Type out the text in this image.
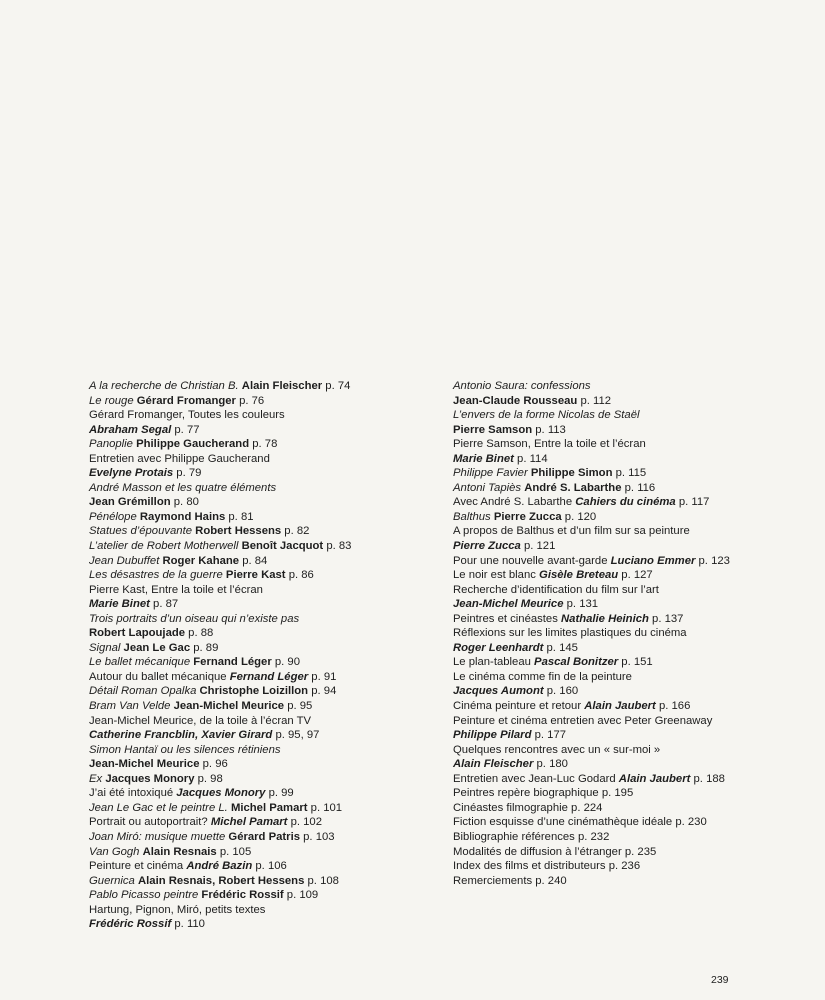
A la recherche de Christian B. Alain Fleischer p. 74
Le rouge Gérard Fromanger p. 76
Gérard Fromanger, Toutes les couleurs
Abraham Segal p. 77
Panoplie Philippe Gaucherand p. 78
Entretien avec Philippe Gaucherand
Evelyne Protais p. 79
André Masson et les quatre éléments
Jean Grémillon p. 80
Pénélope Raymond Hains p. 81
Statues d’épouvante Robert Hessens p. 82
L’atelier de Robert Motherwell Benoît Jacquot p. 83
Jean Dubuffet Roger Kahane p. 84
Les désastres de la guerre Pierre Kast p. 86
Pierre Kast, Entre la toile et l’écran
Marie Binet p. 87
Trois portraits d’un oiseau qui n’existe pas
Robert Lapoujade p. 88
Signal Jean Le Gac p. 89
Le ballet mécanique Fernand Léger p. 90
Autour du ballet mécanique Fernand Léger p. 91
Détail Roman Opalka Christophe Loizillon p. 94
Bram Van Velde Jean-Michel Meurice p. 95
Jean-Michel Meurice, de la toile à l’écran TV
Catherine Francblin, Xavier Girard p. 95, 97
Simon Hantaï ou les silences rétiniens
Jean-Michel Meurice p. 96
Ex Jacques Monory p. 98
J’ai été intoxiqué Jacques Monory p. 99
Jean Le Gac et le peintre L. Michel Pamart p. 101
Portrait ou autoportrait? Michel Pamart p. 102
Joan Miró: musique muette Gérard Patris p. 103
Van Gogh Alain Resnais p. 105
Peinture et cinéma André Bazin p. 106
Guernica Alain Resnais, Robert Hessens p. 108
Pablo Picasso peintre Frédéric Rossif p. 109
Hartung, Pignon, Miró, petits textes
Frédéric Rossif p. 110
Antonio Saura: confessions
Jean-Claude Rousseau p. 112
L’envers de la forme Nicolas de Staël
Pierre Samson p. 113
Pierre Samson, Entre la toile et l’écran
Marie Binet p. 114
Philippe Favier Philippe Simon p. 115
Antoni Tapiès André S. Labarthe p. 116
Avec André S. Labarthe Cahiers du cinéma p. 117
Balthus Pierre Zucca p. 120
A propos de Balthus et d’un film sur sa peinture
Pierre Zucca p. 121
Pour une nouvelle avant-garde Luciano Emmer p. 123
Le noir est blanc Gisèle Breteau p. 127
Recherche d’identification du film sur l’art
Jean-Michel Meurice p. 131
Peintres et cinéastes Nathalie Heinich p. 137
Réflexions sur les limites plastiques du cinéma
Roger Leenhardt p. 145
Le plan-tableau Pascal Bonitzer p. 151
Le cinéma comme fin de la peinture
Jacques Aumont p. 160
Cinéma peinture et retour Alain Jaubert p. 166
Peinture et cinéma entretien avec Peter Greenaway
Philippe Pilard p. 177
Quelques rencontres avec un « sur-moi »
Alain Fleischer p. 180
Entretien avec Jean-Luc Godard Alain Jaubert p. 188
Peintres repère biographique p. 195
Cinéastes filmographie p. 224
Fiction esquisse d’une cinémathèque idéale p. 230
Bibliographie références p. 232
Modalités de diffusion à l’étranger p. 235
Index des films et distributeurs p. 236
Remerciements p. 240
239
